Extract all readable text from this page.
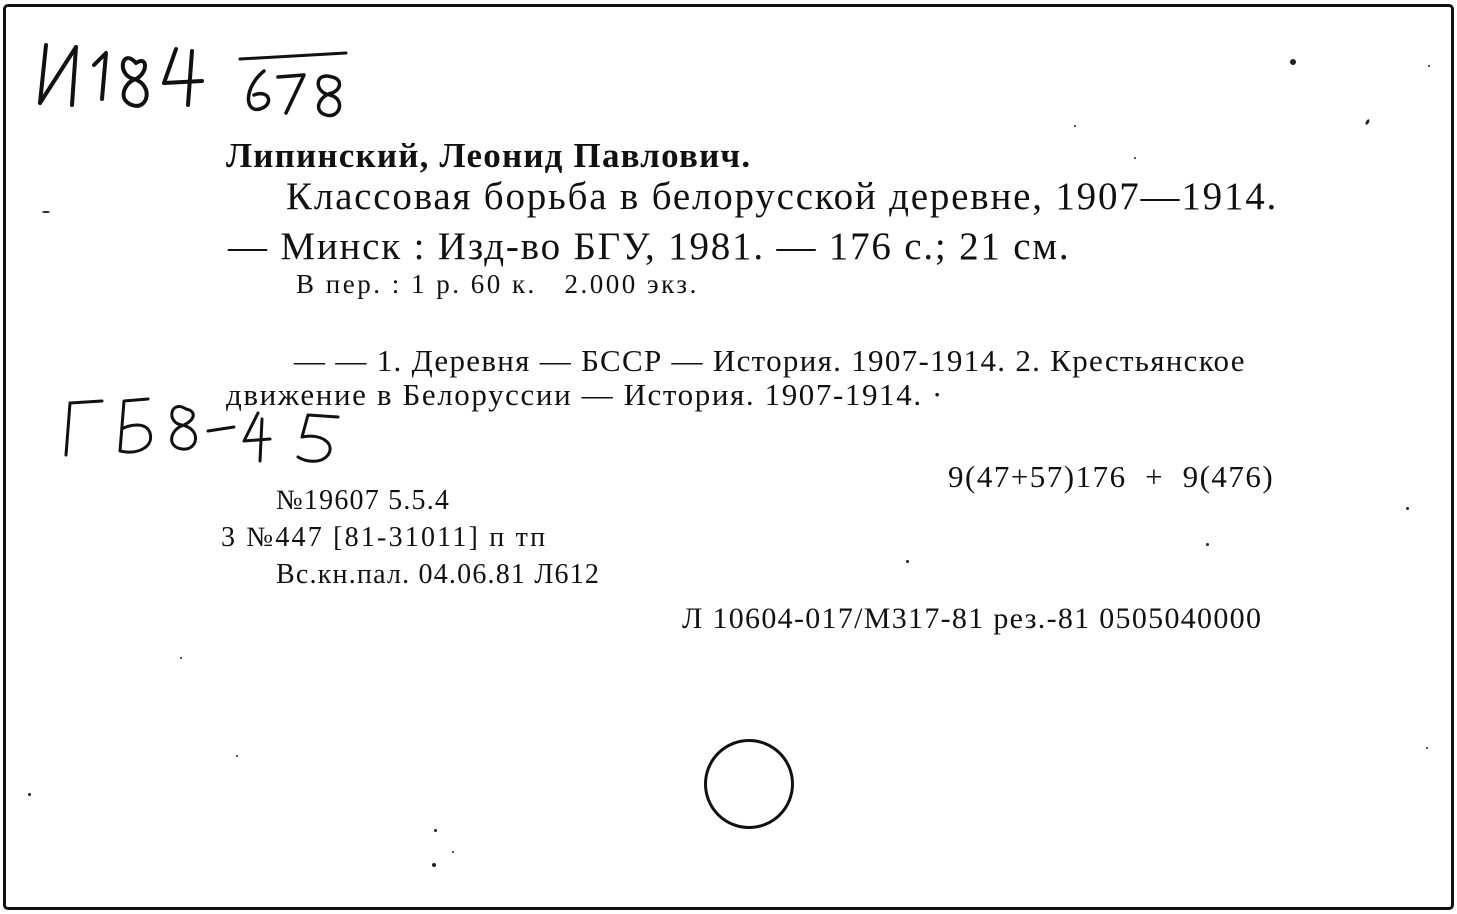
Липинский, Леонид Павлович.
Классовая борьба в белорусской деревне, 1907—1914.
— Минск : Изд-во БГУ, 1981. — 176 с.; 21 см.
В пер. : 1 р. 60 к.   2.000 экз.
— — 1. Деревня — БССР — История. 1907-1914. 2. Крестьянское
движение в Белоруссии — История. 1907-1914. ·
9(47+57)176  +  9(476)
№19607 5.5.4
3 №447 [81-31011] п тп
Вс.кн.пал. 04.06.81 Л612
Л 10604-017/М317-81 рез.-81 0505040000
